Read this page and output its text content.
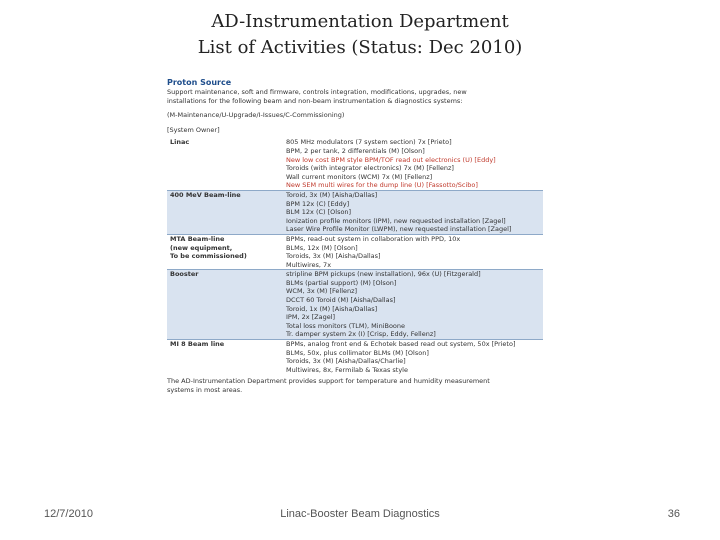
AD-Instrumentation Department
List of Activities (Status: Dec 2010)
Proton Source

Support maintenance, soft and firmware, controls integration, modifications, upgrades, new

installations for the following beam and non-beam instrumentation & diagnostics systems:

(M-Maintenance/U-Upgrade/I-Issues/C-Commissioning)

[System Owner]

Linac	805 MHz modulators (7 system section) 7x [Prieto]
	BPM, 2 per tank, 2 differentials (M) [Olson]
	New low cost BPM style BPM/TOF read out electronics (U) [Eddy]
	Toroids (with integrator electronics) 7x (M) [Fellenz]
	Wall current monitors (WCM) 7x (M) [Fellenz]
	New SEM multi wires for the dump line (U) [Fassotto/Scibo]
400 MeV Beam-line	Toroid, 3x (M) [Aisha/Dallas]
	BPM 12x (C) [Eddy]
	BLM 12x (C) [Olson]
	Ionization profile monitors (IPM), new requested installation [Zagel]
	Laser Wire Profile Monitor (LWPM), new requested installation [Zagel]
MTA Beam-line	BPMs, read-out system in collaboration with PPD, 10x
(new equipment,	BLMs, 12x (M) [Olson]
To be commissioned)	Toroids, 3x (M) [Aisha/Dallas]
	Multiwires, 7x
Booster	stripline BPM pickups (new installation), 96x (U) [Fitzgerald]
	BLMs (partial support) (M) [Olson]
	WCM, 3x (M) [Fellenz]
	DCCT 60 Toroid (M) [Aisha/Dallas]
	Toroid, 1x (M) [Aisha/Dallas]
	IPM, 2x [Zagel]
	Total loss monitors (TLM), MiniBoone
	Tr. damper system 2x (I) [Crisp, Eddy, Fellenz]
MI 8 Beam line	BPMs, analog front end & Echotek based read out system, 50x [Prieto]
	BLMs, 50x, plus collimator BLMs (M) [Olson]
	Toroids, 3x (M) [Aisha/Dallas/Charlie]
	Multiwires, 8x, Fermilab & Texas style

The AD-Instrumentation Department provides support for temperature and humidity measurement

systems in most areas.

12/7/2010	Linac-Booster Beam Diagnostics	36
